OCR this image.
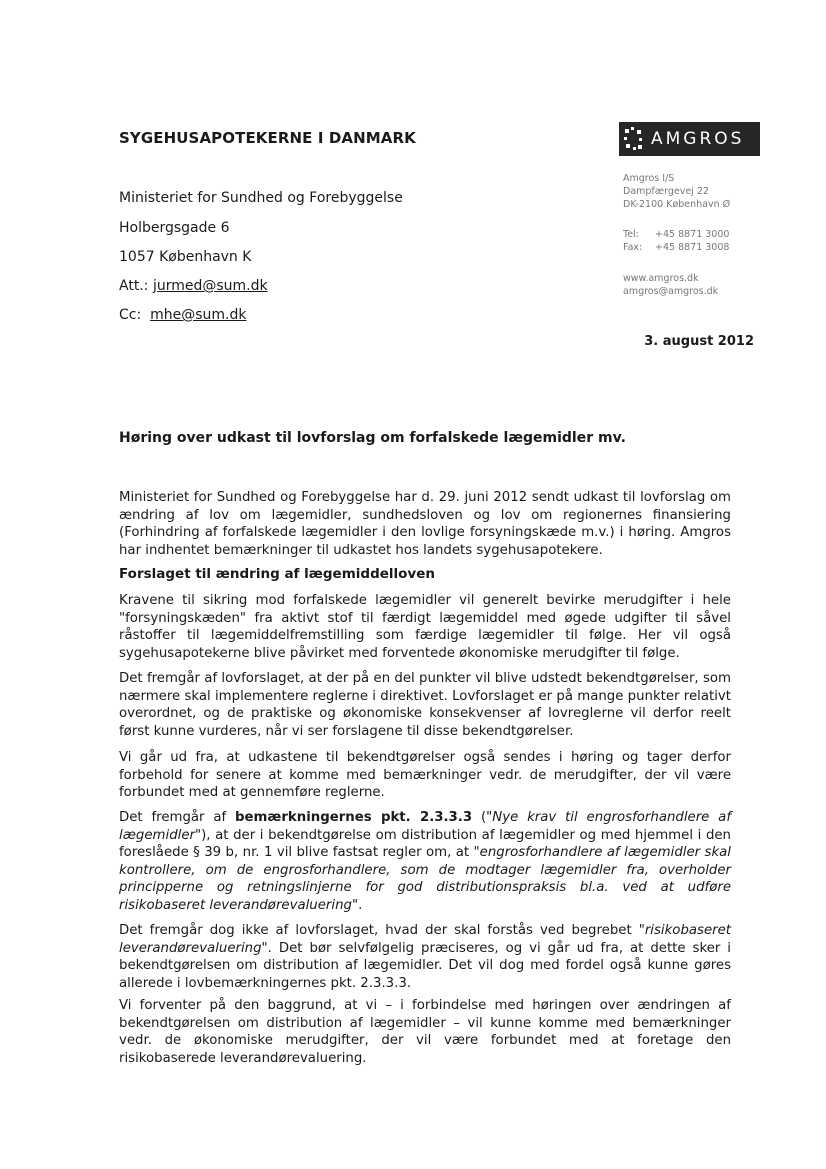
SYGEHUSAPOTEKERNE I DANMARK	AMGROS
Ministeriet for Sundhed og Forebyggelse
Holbergsgade 6
1057 København K
Att.: jurmed@sum.dk
Cc: mhe@sum.dk
Amgros I/S
Dampfærgevej 22
DK-2100 København Ø
Tel: +45 8871 3000
Fax: +45 8871 3008
www.amgros.dk
amgros@amgros.dk
3. august 2012
Høring over udkast til lovforslag om forfalskede lægemidler mv.
Ministeriet for Sundhed og Forebyggelse har d. 29. juni 2012 sendt udkast til lovforslag om ændring af lov om lægemidler, sundhedsloven og lov om regionernes finansiering (Forhindring af forfalskede lægemidler i den lovlige forsyningskæde m.v.) i høring. Amgros har indhentet bemærkninger til udkastet hos landets sygehusapotekere.
Forslaget til ændring af lægemiddelloven
Kravene til sikring mod forfalskede lægemidler vil generelt bevirke merudgifter i hele "forsyningskæden" fra aktivt stof til færdigt lægemiddel med øgede udgifter til såvel råstoffer til lægemiddelfremstilling som færdige lægemidler til følge. Her vil også sygehusapotekerne blive påvirket med forventede økonomiske merudgifter til følge.
Det fremgår af lovforslaget, at der på en del punkter vil blive udstedt bekendtgørelser, som nærmere skal implementere reglerne i direktivet. Lovforslaget er på mange punkter relativt overordnet, og de praktiske og økonomiske konsekvenser af lovreglerne vil derfor reelt først kunne vurderes, når vi ser forslagene til disse bekendtgørelser.
Vi går ud fra, at udkastene til bekendtgørelser også sendes i høring og tager derfor forbehold for senere at komme med bemærkninger vedr. de merudgifter, der vil være forbundet med at gennemføre reglerne.
Det fremgår af bemærkningernes pkt. 2.3.3.3 ("Nye krav til engrosforhandlere af lægemidler"), at der i bekendtgørelse om distribution af lægemidler og med hjemmel i den foreslåede § 39 b, nr. 1 vil blive fastsat regler om, at "engrosforhandlere af lægemidler skal kontrollere, om de engrosforhandlere, som de modtager lægemidler fra, overholder principperne og retningslinjerne for god distributionspraksis bl.a. ved at udføre risikobaseret leverandørevaluering".
Det fremgår dog ikke af lovforslaget, hvad der skal forstås ved begrebet "risikobaseret leverandørevaluering". Det bør selvfølgelig præciseres, og vi går ud fra, at dette sker i bekendtgørelsen om distribution af lægemidler. Det vil dog med fordel også kunne gøres allerede i lovbemærkningernes pkt. 2.3.3.3.
Vi forventer på den baggrund, at vi – i forbindelse med høringen over ændringen af bekendtgørelsen om distribution af lægemidler – vil kunne komme med bemærkninger vedr. de økonomiske merudgifter, der vil være forbundet med at foretage den risikobaserede leverandørevaluering.
